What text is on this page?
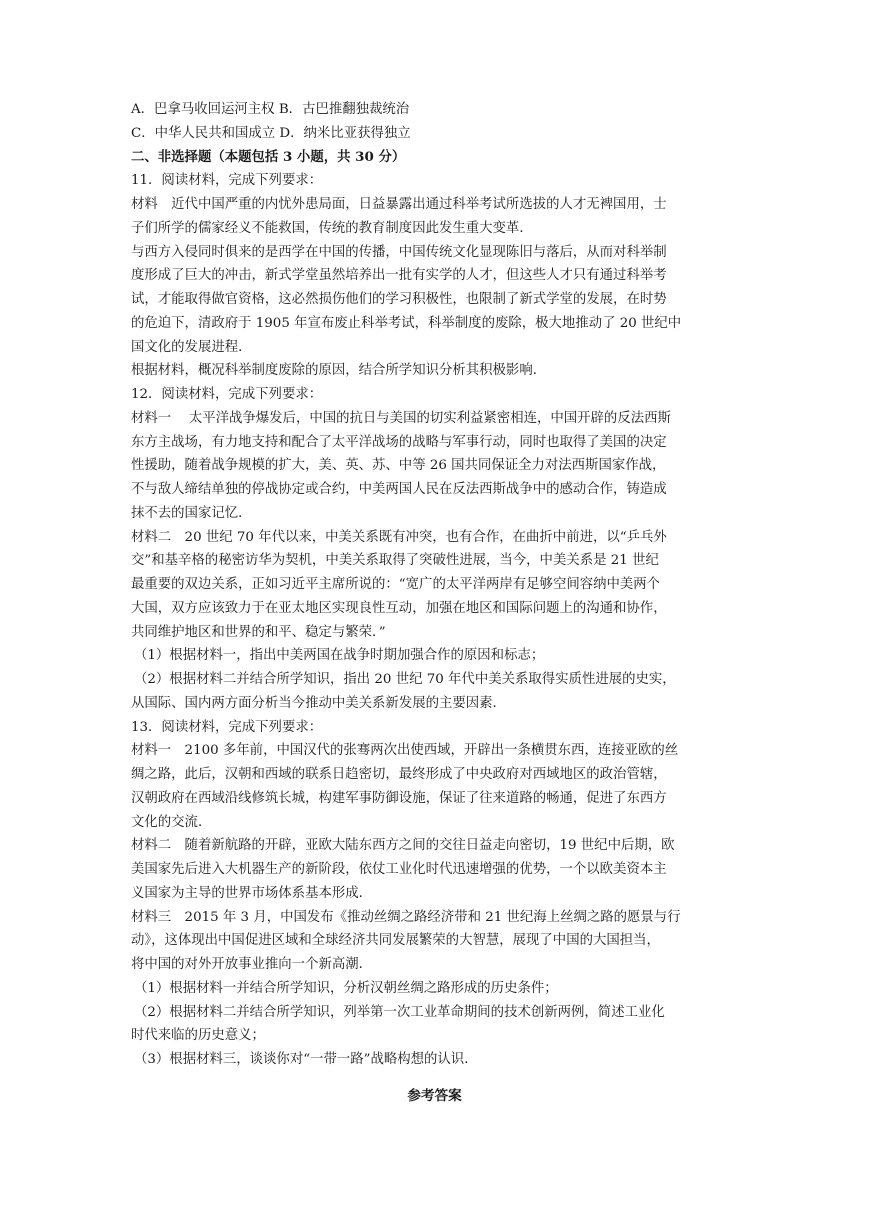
A．巴拿马收回运河主权 B．古巴推翻独裁统治
C．中华人民共和国成立 D．纳米比亚获得独立
二、非选择题（本题包括 3 小题，共 30 分）
11．阅读材料，完成下列要求：
材料　近代中国严重的内忧外患局面，日益暴露出通过科举考试所选拔的人才无裨国用，士
子们所学的儒家经义不能救国，传统的教育制度因此发生重大变革．
与西方入侵同时俱来的是西学在中国的传播，中国传统文化显现陈旧与落后，从而对科举制
度形成了巨大的冲击，新式学堂虽然培养出一批有实学的人才，但这些人才只有通过科举考
试，才能取得做官资格，这必然损伤他们的学习积极性，也限制了新式学堂的发展，在时势
的危迫下，清政府于 1905 年宣布废止科举考试，科举制度的废除，极大地推动了 20 世纪中
国文化的发展进程．
根据材料，概况科举制度废除的原因，结合所学知识分析其积极影响．
12．阅读材料，完成下列要求：
材料一　 太平洋战争爆发后，中国的抗日与美国的切实利益紧密相连，中国开辟的反法西斯
东方主战场，有力地支持和配合了太平洋战场的战略与军事行动，同时也取得了美国的决定
性援助，随着战争规模的扩大，美、英、苏、中等 26 国共同保证全力对法西斯国家作战，
不与敌人缔结单独的停战协定或合约，中美两国人民在反法西斯战争中的感动合作，铸造成
抹不去的国家记忆．
材料二　20 世纪 70 年代以来，中美关系既有冲突，也有合作，在曲折中前进，以“乒乓外
交”和基辛格的秘密访华为契机，中美关系取得了突破性进展，当今，中美关系是 21 世纪
最重要的双边关系，正如习近平主席所说的：“宽广的太平洋两岸有足够空间容纳中美两个
大国，双方应该致力于在亚太地区实现良性互动，加强在地区和国际问题上的沟通和协作，
共同维护地区和世界的和平、稳定与繁荣．”
（1）根据材料一，指出中美两国在战争时期加强合作的原因和标志；
（2）根据材料二并结合所学知识，指出 20 世纪 70 年代中美关系取得实质性进展的史实，
从国际、国内两方面分析当今推动中美关系新发展的主要因素．
13．阅读材料，完成下列要求：
材料一　2100 多年前，中国汉代的张骞两次出使西域，开辟出一条横贯东西，连接亚欧的丝
绸之路，此后，汉朝和西域的联系日趋密切，最终形成了中央政府对西域地区的政治管辖，
汉朝政府在西域沿线修筑长城，构建军事防御设施，保证了往来道路的畅通，促进了东西方
文化的交流．
材料二　随着新航路的开辟，亚欧大陆东西方之间的交往日益走向密切，19 世纪中后期，欧
美国家先后进入大机器生产的新阶段，依仗工业化时代迅速增强的优势，一个以欧美资本主
义国家为主导的世界市场体系基本形成．
材料三　2015 年 3 月，中国发布《推动丝绸之路经济带和 21 世纪海上丝绸之路的愿景与行
动》，这体现出中国促进区域和全球经济共同发展繁荣的大智慧，展现了中国的大国担当，
将中国的对外开放事业推向一个新高潮．
（1）根据材料一并结合所学知识，分析汉朝丝绸之路形成的历史条件；
（2）根据材料二并结合所学知识，列举第一次工业革命期间的技术创新两例，简述工业化
时代来临的历史意义；
（3）根据材料三，谈谈你对“一带一路”战略构想的认识．
参考答案
